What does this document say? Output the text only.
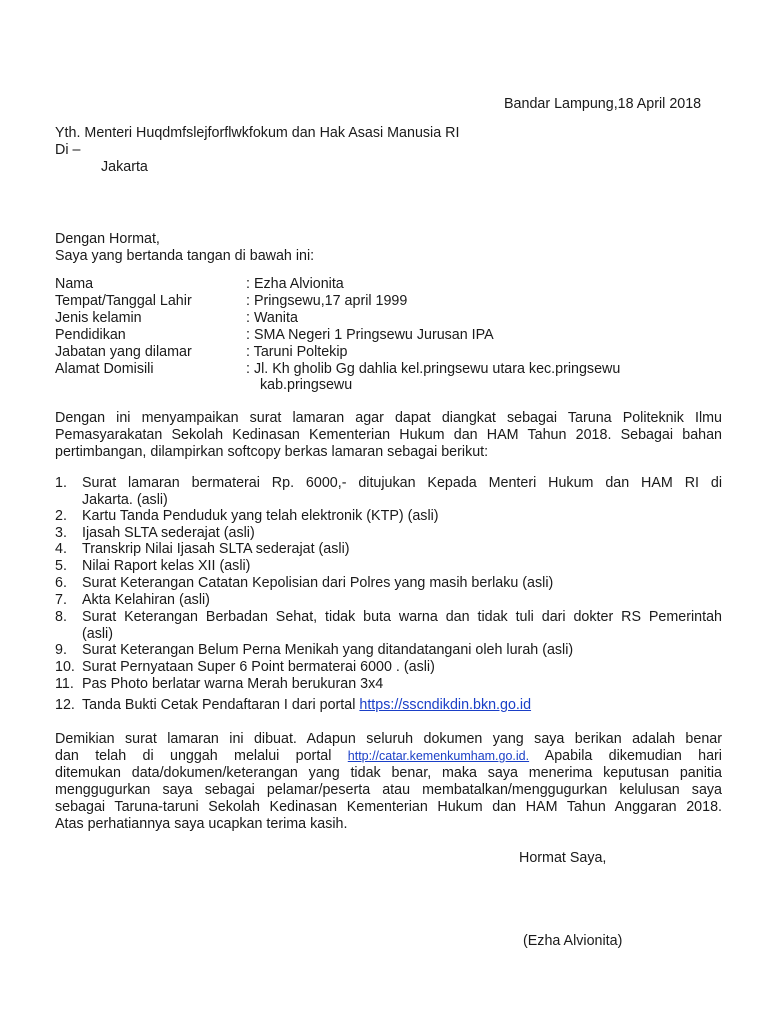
Bandar Lampung,18 April 2018
Yth. Menteri Huqdmfslejforflwkfokum dan Hak Asasi Manusia RI
Di –
Jakarta
Dengan Hormat,
Saya yang bertanda tangan di bawah ini:
Nama	: Ezha Alvionita
Tempat/Tanggal Lahir	: Pringsewu,17 april 1999
Jenis kelamin	: Wanita
Pendidikan	: SMA Negeri 1 Pringsewu Jurusan IPA
Jabatan yang dilamar	: Taruni Poltekip
Alamat Domisili	: Jl. Kh gholib Gg dahlia kel.pringsewu utara kec.pringsewu
kab.pringsewu
Dengan ini menyampaikan surat lamaran agar dapat diangkat sebagai Taruna Politeknik Ilmu
Pemasyarakatan Sekolah Kedinasan Kementerian Hukum dan HAM Tahun 2018. Sebagai bahan
pertimbangan, dilampirkan softcopy berkas lamaran sebagai berikut:
1.	Surat lamaran bermaterai Rp. 6000,- ditujukan Kepada Menteri Hukum dan HAM RI di
Jakarta. (asli)
2.	Kartu Tanda Penduduk yang telah elektronik (KTP) (asli)
3.	Ijasah SLTA sederajat (asli)
4.	Transkrip Nilai Ijasah SLTA sederajat (asli)
5.	Nilai Raport kelas XII (asli)
6.	Surat Keterangan Catatan Kepolisian dari Polres yang masih berlaku (asli)
7.	Akta Kelahiran (asli)
8.	Surat Keterangan Berbadan Sehat, tidak buta warna dan tidak tuli dari dokter RS Pemerintah
(asli)
9.	Surat Keterangan Belum Perna Menikah yang ditandatangani oleh lurah (asli)
10. Surat Pernyataan Super 6 Point bermaterai 6000 . (asli)
11. Pas Photo berlatar warna Merah berukuran 3x4
12. Tanda Bukti Cetak Pendaftaran I dari portal https://sscndikdin.bkn.go.id
Demikian surat lamaran ini dibuat. Adapun seluruh dokumen yang saya berikan adalah benar
dan telah di unggah melalui portal http://catar.kemenkumham.go.id. Apabila dikemudian hari
ditemukan data/dokumen/keterangan yang tidak benar, maka saya menerima keputusan panitia
menggugurkan saya sebagai pelamar/peserta atau membatalkan/menggugurkan kelulusan saya
sebagai Taruna-taruni Sekolah Kedinasan Kementerian Hukum dan HAM Tahun Anggaran 2018.
Atas perhatiannya saya ucapkan terima kasih.
Hormat Saya,
(Ezha Alvionita)
